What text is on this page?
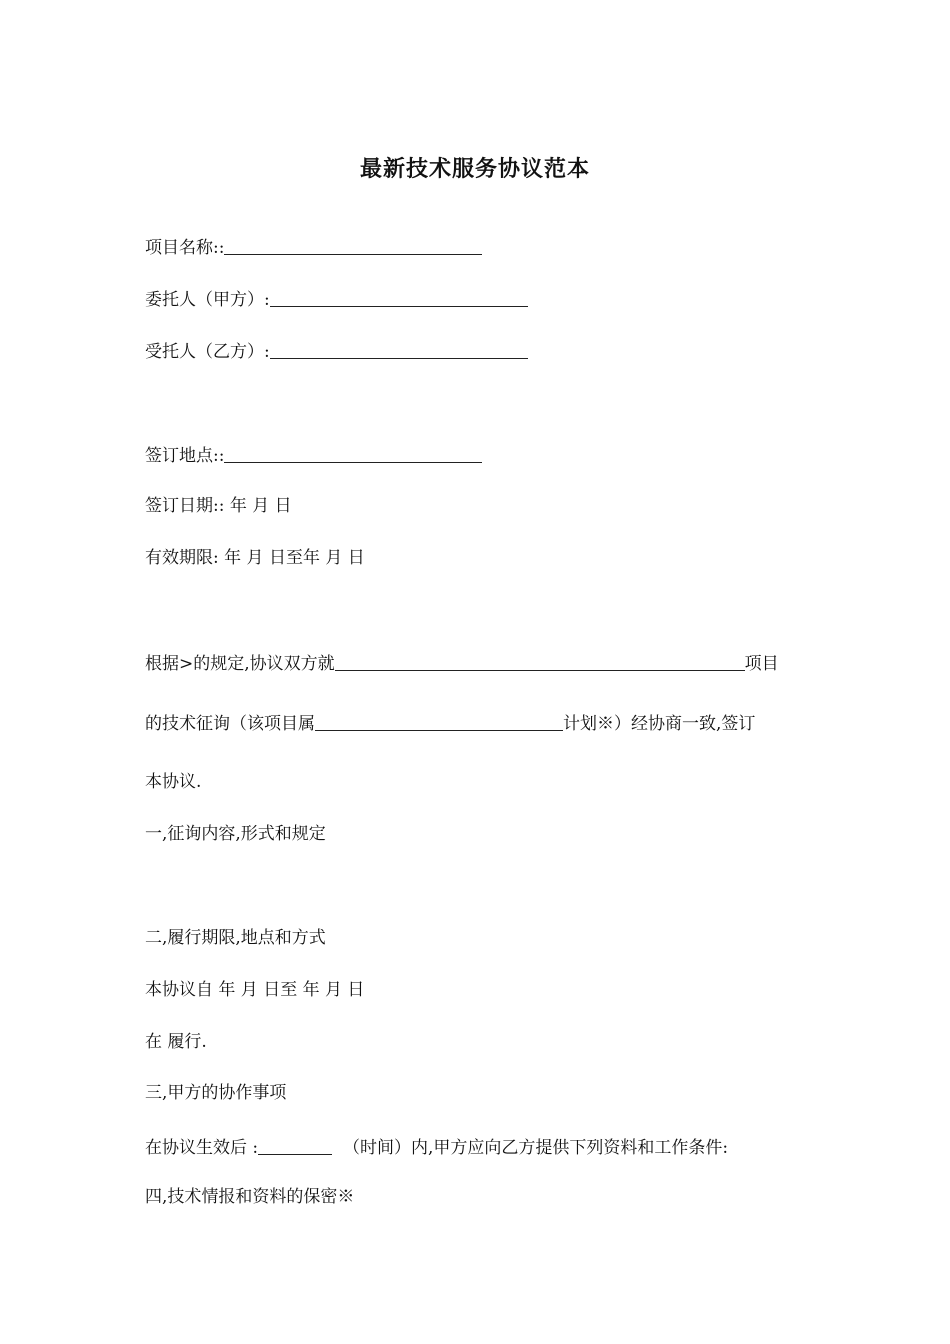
最新技术服务协议范本
项目名称::
委托人（甲方）:
受托人（乙方）:
签订地点::
签订日期:: 年 月 日
有效期限: 年 月 日至年 月 日
根据>的规定,协议双方就	项目
的技术征询（该项目属	计划※）经协商一致,签订
本协议.
一,征询内容,形式和规定
二,履行期限,地点和方式
本协议自 年 月 日至 年 月 日
在 履行.
三,甲方的协作事项
在协议生效后 :	（时间）内,甲方应向乙方提供下列资料和工作条件:
四,技术情报和资料的保密※
